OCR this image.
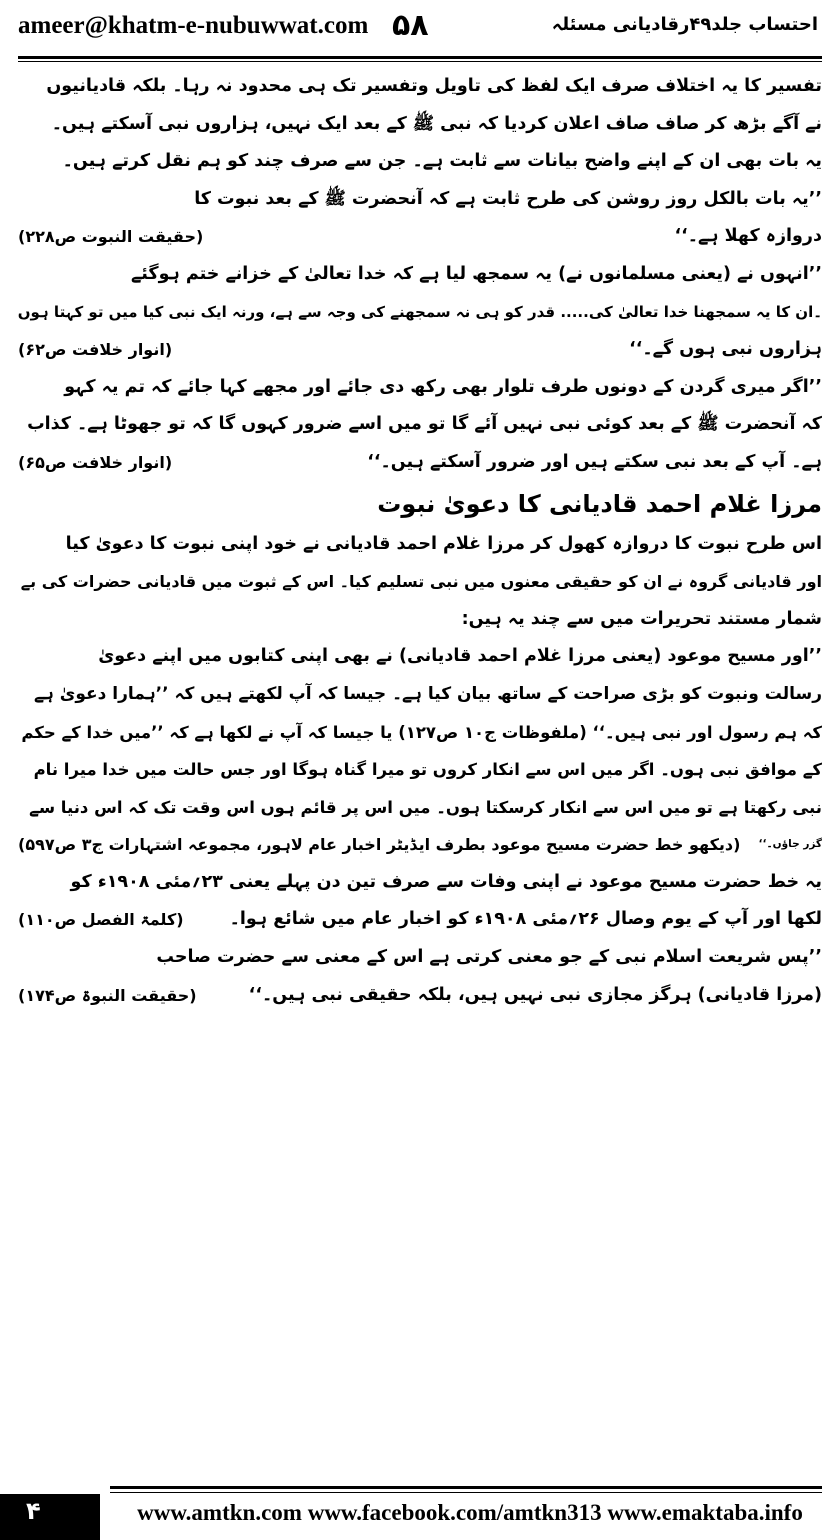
ameer@khatm-e-nubuwwat.com ۵۸	احتساب جلد۴۹رقادیانی مسئلہ
تفسیر کا یہ اختلاف صرف ایک لفظ کی تاویل وتفسیر تک ہی محدود نہ رہا۔ بلکہ قادیانیوں
نے آگے بڑھ کر صاف صاف اعلان کردیا کہ نبی ﷺ کے بعد ایک نہیں، ہزاروں نبی آسکتے ہیں۔
یہ بات بھی ان کے اپنے واضح بیانات سے ثابت ہے۔ جن سے صرف چند کو ہم نقل کرتے ہیں۔
’’یہ بات بالکل روز روشن کی طرح ثابت ہے کہ آنحضرت ﷺ کے بعد نبوت کا
دروازہ کھلا ہے۔‘‘
(حقیقت النبوت ص۲۲۸)
’’انہوں نے (یعنی مسلمانوں نے) یہ سمجھ لیا ہے کہ خدا تعالیٰ کے خزانے ختم ہوگئے
۔ان کا یہ سمجھنا خدا تعالیٰ کی..... قدر کو ہی نہ سمجھنے کی وجہ سے ہے، ورنہ ایک نبی کیا میں تو کہتا ہوں
ہزاروں نبی ہوں گے۔‘‘
(انوار خلافت ص۶۲)
’’اگر میری گردن کے دونوں طرف تلوار بھی رکھ دی جائے اور مجھے کہا جائے کہ تم یہ کہو
کہ آنحضرت ﷺ کے بعد کوئی نبی نہیں آئے گا تو میں اسے ضرور کہوں گا کہ تو جھوٹا ہے۔ کذاب
ہے۔ آپ کے بعد نبی سکتے ہیں اور ضرور آسکتے ہیں۔‘‘
(انوار خلافت ص۶۵)
مرزا غلام احمد قادیانی کا دعویٰ نبوت
اس طرح نبوت کا دروازہ کھول کر مرزا غلام احمد قادیانی نے خود اپنی نبوت کا دعویٰ کیا
اور قادیانی گروہ نے ان کو حقیقی معنوں میں نبی تسلیم کیا۔ اس کے ثبوت میں قادیانی حضرات کی بے
شمار مستند تحریرات میں سے چند یہ ہیں:
’’اور مسیح موعود (یعنی مرزا غلام احمد قادیانی) نے بھی اپنی کتابوں میں اپنے دعویٰ
رسالت ونبوت کو بڑی صراحت کے ساتھ بیان کیا ہے۔ جیسا کہ آپ لکھتے ہیں کہ ’’ہمارا دعویٰ ہے
کہ ہم رسول اور نبی ہیں۔‘‘ (ملفوظات ج۱۰ ص۱۲۷) یا جیسا کہ آپ نے لکھا ہے کہ ’’میں خدا کے حکم
کے موافق نبی ہوں۔ اگر میں اس سے انکار کروں تو میرا گناہ ہوگا اور جس حالت میں خدا میرا نام
نبی رکھتا ہے تو میں اس سے انکار کرسکتا ہوں۔ میں اس پر قائم ہوں اس وقت تک کہ اس دنیا سے
گزر جاؤں۔‘‘
(دیکھو خط حضرت مسیح موعود بطرف ایڈیٹر اخبار عام لاہور، مجموعہ اشتہارات ج۳ ص۵۹۷)
یہ خط حضرت مسیح موعود نے اپنی وفات سے صرف تین دن پہلے یعنی ۲۳؍مئی ۱۹۰۸ء کو
لکھا اور آپ کے یوم وصال ۲۶؍مئی ۱۹۰۸ء کو اخبار عام میں شائع ہوا۔
(کلمۃ الفصل ص۱۱۰)
’’پس شریعت اسلام نبی کے جو معنی کرتی ہے اس کے معنی سے حضرت صاحب
(مرزا قادیانی) ہرگز مجازی نبی نہیں ہیں، بلکہ حقیقی نبی ہیں۔‘‘
(حقیقت النبوۃ ص۱۷۴)
۴	www.amtkn.com www.facebook.com/amtkn313 www.emaktaba.info
